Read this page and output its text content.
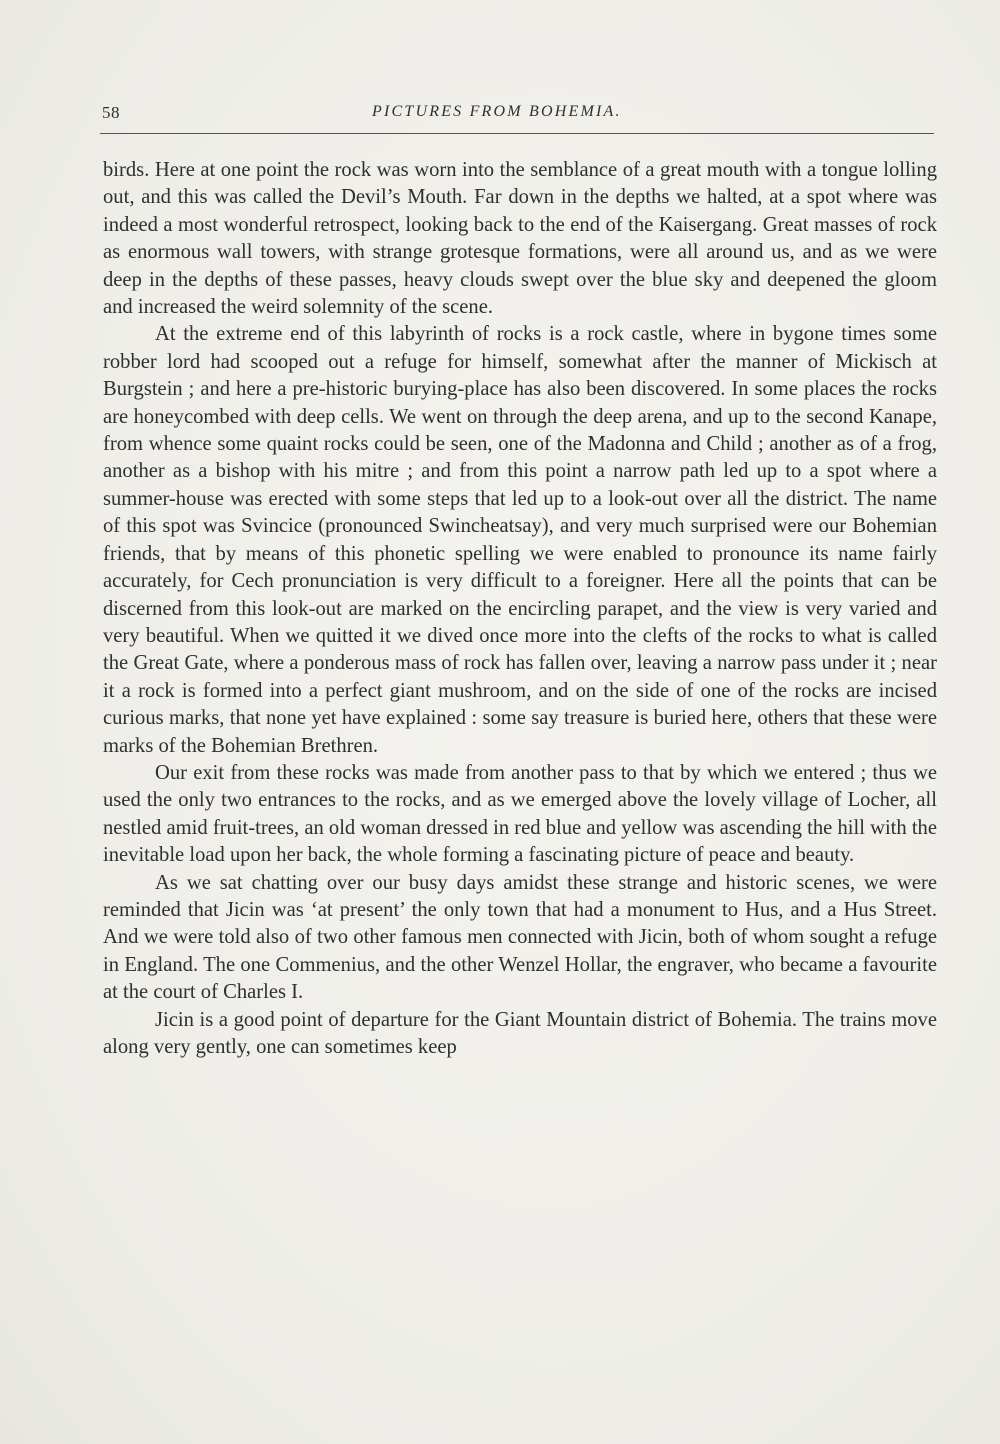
58	PICTURES FROM BOHEMIA.

birds. Here at one point the rock was worn into the semblance of a great mouth with a tongue lolling out, and this was called the Devil’s Mouth. Far down in the depths we halted, at a spot where was indeed a most wonderful retrospect, looking back to the end of the Kaisergang. Great masses of rock as enormous wall towers, with strange grotesque formations, were all around us, and as we were deep in the depths of these passes, heavy clouds swept over the blue sky and deepened the gloom and increased the weird solemnity of the scene.

At the extreme end of this labyrinth of rocks is a rock castle, where in bygone times some robber lord had scooped out a refuge for himself, somewhat after the manner of Mickisch at Burgstein ; and here a pre-historic burying-place has also been discovered. In some places the rocks are honeycombed with deep cells. We went on through the deep arena, and up to the second Kanape, from whence some quaint rocks could be seen, one of the Madonna and Child ; another as of a frog, another as a bishop with his mitre ; and from this point a narrow path led up to a spot where a summer-house was erected with some steps that led up to a look-out over all the district. The name of this spot was Svincice (pronounced Swincheatsay), and very much surprised were our Bohemian friends, that by means of this phonetic spelling we were enabled to pronounce its name fairly accurately, for Cech pronunciation is very difficult to a foreigner. Here all the points that can be discerned from this look-out are marked on the encircling parapet, and the view is very varied and very beautiful. When we quitted it we dived once more into the clefts of the rocks to what is called the Great Gate, where a ponderous mass of rock has fallen over, leaving a narrow pass under it ; near it a rock is formed into a perfect giant mushroom, and on the side of one of the rocks are incised curious marks, that none yet have explained : some say treasure is buried here, others that these were marks of the Bohemian Brethren.

Our exit from these rocks was made from another pass to that by which we entered ; thus we used the only two entrances to the rocks, and as we emerged above the lovely village of Locher, all nestled amid fruit-trees, an old woman dressed in red blue and yellow was ascending the hill with the inevitable load upon her back, the whole forming a fascinating picture of peace and beauty.

As we sat chatting over our busy days amidst these strange and historic scenes, we were reminded that Jicin was ‘at present’ the only town that had a monument to Hus, and a Hus Street. And we were told also of two other famous men connected with Jicin, both of whom sought a refuge in England. The one Commenius, and the other Wenzel Hollar, the engraver, who became a favourite at the court of Charles I.

Jicin is a good point of departure for the Giant Mountain district of Bohemia. The trains move along very gently, one can sometimes keep
